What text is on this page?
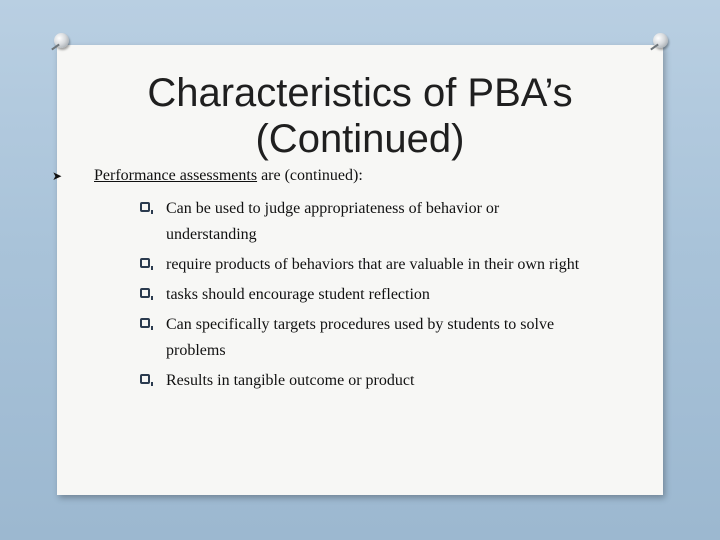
Characteristics of PBA’s
(Continued)
➤ Performance assessments are (continued):
Can be used to judge appropriateness of behavior or
understanding
require products of behaviors that are valuable in their own right
tasks should encourage student reflection
Can specifically targets procedures used by students to solve
problems
Results in tangible outcome or product
